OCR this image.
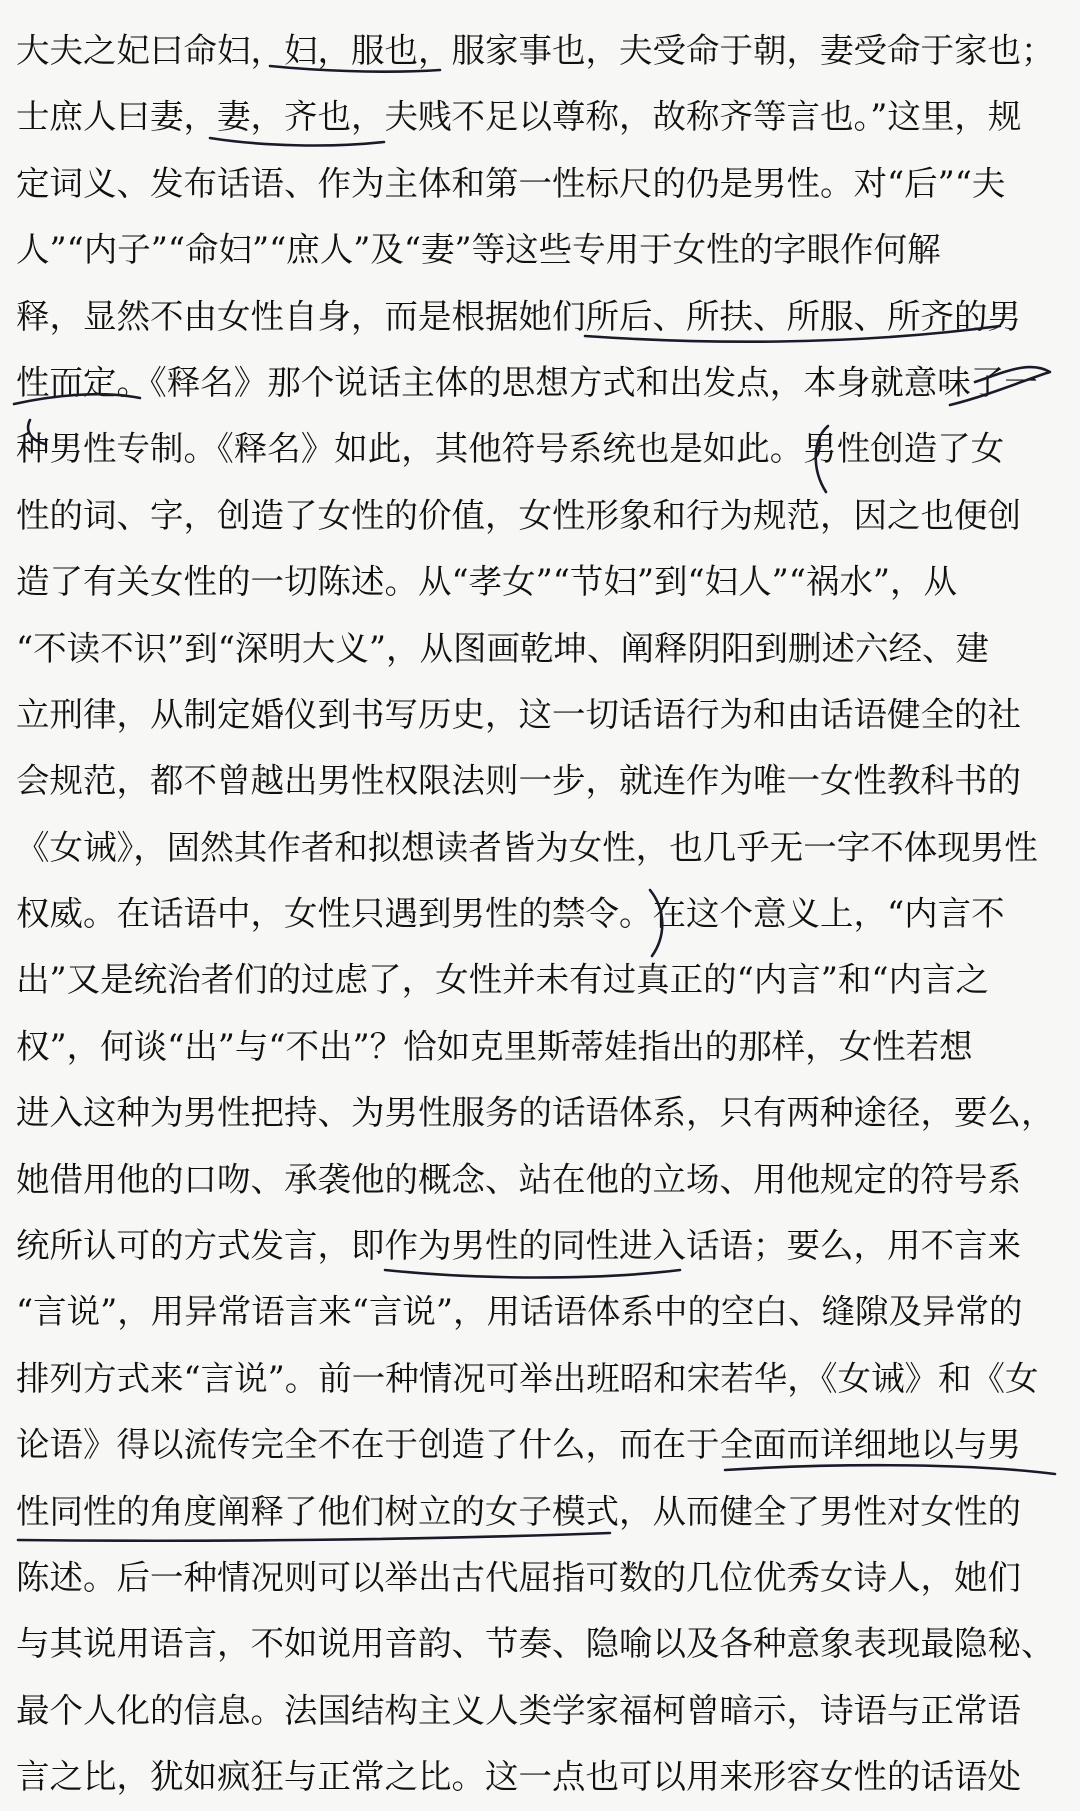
大夫之妃曰命妇，妇，服也，服家事也，夫受命于朝，妻受命于家也；
士庶人曰妻，妻，齐也，夫贱不足以尊称，故称齐等言也。”这里，规
定词义、发布话语、作为主体和第一性标尺的仍是男性。对“后”“夫
人”“内子”“命妇”“庶人”及“妻”等这些专用于女性的字眼作何解
释，显然不由女性自身，而是根据她们所后、所扶、所服、所齐的男
性而定。《释名》那个说话主体的思想方式和出发点，本身就意味了一
种男性专制。《释名》如此，其他符号系统也是如此。男性创造了女
性的词、字，创造了女性的价值，女性形象和行为规范，因之也便创
造了有关女性的一切陈述。从“孝女”“节妇”到“妇人”“祸水”，从
“不读不识”到“深明大义”，从图画乾坤、阐释阴阳到删述六经、建
立刑律，从制定婚仪到书写历史，这一切话语行为和由话语健全的社
会规范，都不曾越出男性权限法则一步，就连作为唯一女性教科书的
《女诫》，固然其作者和拟想读者皆为女性，也几乎无一字不体现男性
权威。在话语中，女性只遇到男性的禁令。在这个意义上，“内言不
出”又是统治者们的过虑了，女性并未有过真正的“内言”和“内言之
权”，何谈“出”与“不出”？恰如克里斯蒂娃指出的那样，女性若想
进入这种为男性把持、为男性服务的话语体系，只有两种途径，要么，
她借用他的口吻、承袭他的概念、站在他的立场、用他规定的符号系
统所认可的方式发言，即作为男性的同性进入话语；要么，用不言来
“言说”，用异常语言来“言说”，用话语体系中的空白、缝隙及异常的
排列方式来“言说”。前一种情况可举出班昭和宋若华，《女诫》和《女
论语》得以流传完全不在于创造了什么，而在于全面而详细地以与男
性同性的角度阐释了他们树立的女子模式，从而健全了男性对女性的
陈述。后一种情况则可以举出古代屈指可数的几位优秀女诗人，她们
与其说用语言，不如说用音韵、节奏、隐喻以及各种意象表现最隐秘、
最个人化的信息。法国结构主义人类学家福柯曾暗示，诗语与正常语
言之比，犹如疯狂与正常之比。这一点也可以用来形容女性的话语处
